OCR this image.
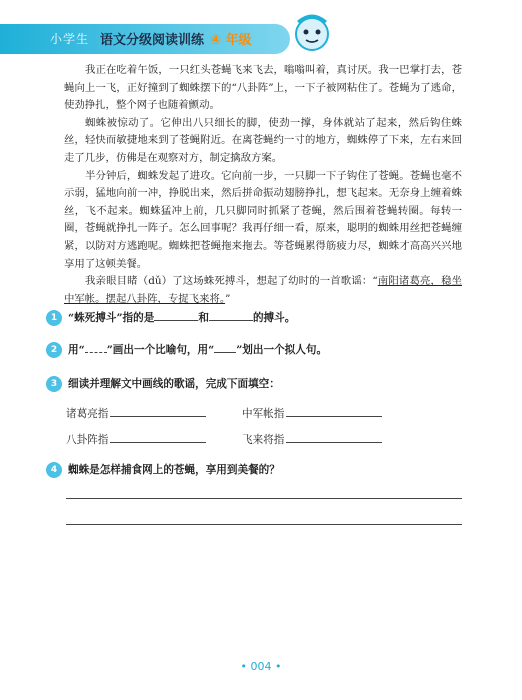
小学生 语文分级阅读训练 ④ 年级

我正在吃着午饭，一只红头苍蝇飞来飞去，嗡嗡叫着，真讨厌。我一巴掌打去，苍蝇向上一飞，正好撞到了蜘蛛摆下的“八卦阵”上，一下子被网粘住了。苍蝇为了逃命，使劲挣扎，整个网子也随着颤动。

蜘蛛被惊动了。它伸出八只细长的脚，使劲一撑，身体就站了起来，然后钩住蛛丝，轻快而敏捷地来到了苍蝇附近。在离苍蝇约一寸的地方，蜘蛛停了下来，左右来回走了几步，仿佛是在观察对方，制定擒敌方案。

半分钟后，蜘蛛发起了进攻。它向前一步，一只脚一下子钩住了苍蝇。苍蝇也毫不示弱，猛地向前一冲，挣脱出来，然后拼命振动翅膀挣扎，想飞起来。无奈身上缠着蛛丝，飞不起来。蜘蛛猛冲上前，几只脚同时抓紧了苍蝇，然后围着苍蝇转圈。每转一圈，苍蝇就挣扎一阵子。怎么回事呢？我再仔细一看，原来，聪明的蜘蛛用丝把苍蝇缠紧，以防对方逃跑呢。蜘蛛把苍蝇拖来拖去。等苍蝇累得筋疲力尽，蜘蛛才高高兴兴地享用了这顿美餐。

我亲眼目睹（dǔ）了这场蛛死搏斗，想起了幼时的一首歌谣：“南阳诸葛亮，稳坐中军帐。摆起八卦阵，专捉飞来将。”

1 “蛛死搏斗”指的是	和	的搏斗。
2 用“ ”画出一个比喻句，用“ ”划出一个拟人句。
3 细读并理解文中画线的歌谣，完成下面填空：
诸葛亮指	中军帐指
八卦阵指	飞来将指
4 蜘蛛是怎样捕食网上的苍蝇，享用到美餐的？
• 004 •
